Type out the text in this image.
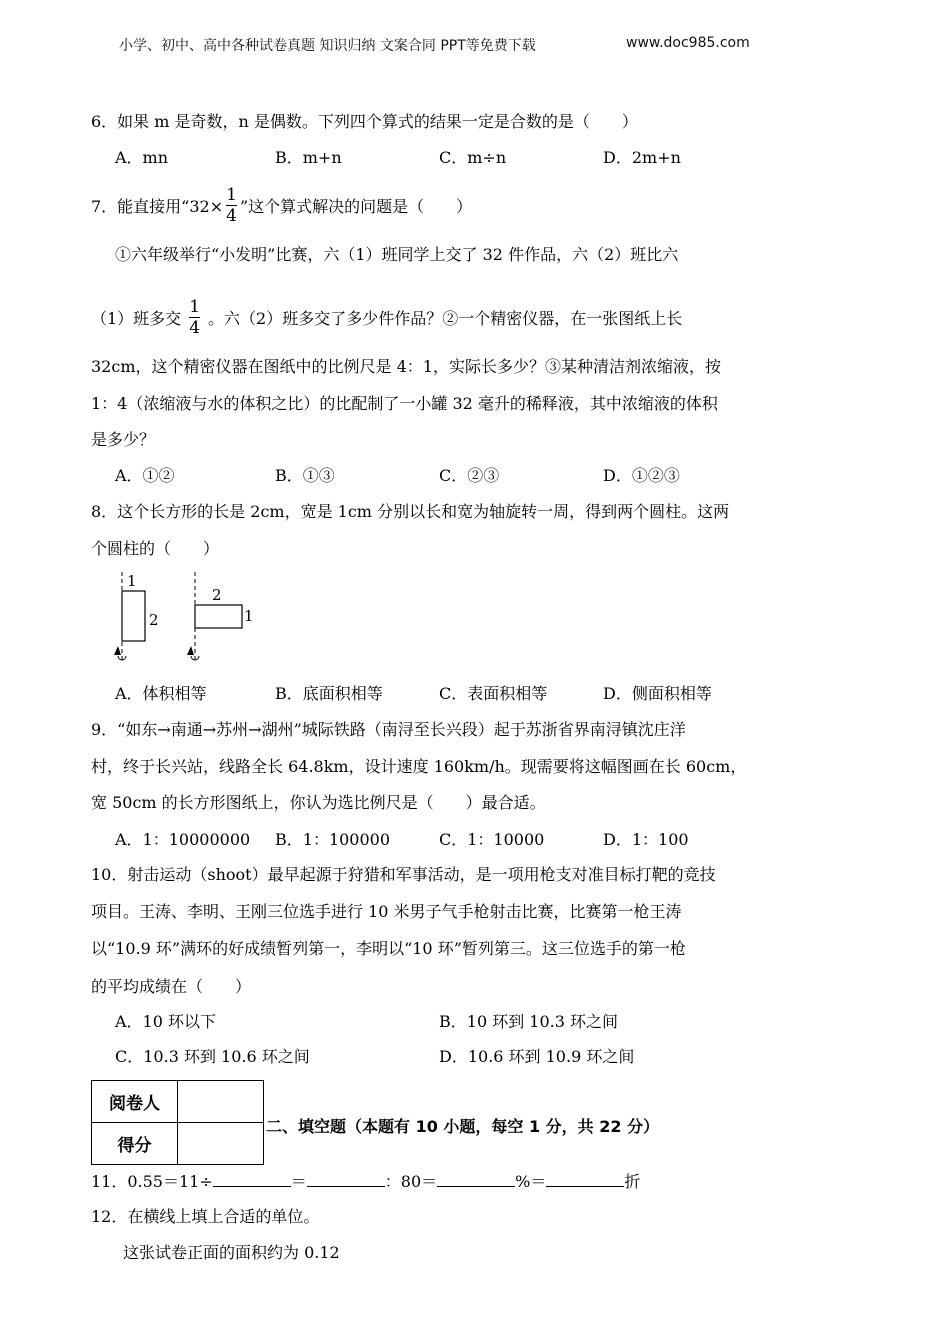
小学、初中、高中各种试卷真题 知识归纳 文案合同 PPT等免费下载	www.doc985.com
6．如果 m 是奇数，n 是偶数。下列四个算式的结果一定是合数的是（　　）
A．mn	B．m+n	C．m÷n	D．2m+n
7．能直接用“$32\times \frac{1}{4}$ ”这个算式解决的问题是（　　）
①六年级举行“小发明”比赛，六（1）班同学上交了 32 件作品，六（2）班比六
（1）班多交 $\frac{1}{4}$ 。六（2）班多交了多少件作品？②一个精密仪器，在一张图纸上长
32cm，这个精密仪器在图纸中的比例尺是 4：1，实际长多少？③某种清洁剂浓缩液，按
1：4（浓缩液与水的体积之比）的比配制了一小罐 32 毫升的稀释液，其中浓缩液的体积
是多少？
A．①②	B．①③	C．②③	D．①②③
8．这个长方形的长是 2cm，宽是 1cm 分别以长和宽为轴旋转一周，得到两个圆柱。这两
个圆柱的（　　）
1
2
2
1
A．体积相等	B．底面积相等	C．表面积相等	D．侧面积相等
9．“如东→南通→苏州→湖州”城际铁路（南浔至长兴段）起于苏浙省界南浔镇沈庄洋
村，终于长兴站，线路全长 64.8km，设计速度 160km/h。现需要将这幅图画在长 60cm，
宽 50cm 的长方形图纸上，你认为选比例尺是（　　）最合适。
A．1：10000000 B．1：100000	C．1：10000	D．1：100
10．射击运动（shoot）最早起源于狩猎和军事活动，是一项用枪支对准目标打靶的竞技
项目。王涛、李明、王刚三位选手进行 10 米男子气手枪射击比赛，比赛第一枪王涛
以“10.9 环”满环的好成绩暂列第一，李明以“10 环”暂列第三。这三位选手的第一枪
的平均成绩在（　　）
A．10 环以下	B．10 环到 10.3 环之间
C．10.3 环到 10.6 环之间	D．10.6 环到 10.9 环之间
阅卷人	
得分	
二、填空题（本题有 10 小题，每空 1 分，共 22 分）
11．0.55＝11÷	＝	：80＝	%＝	折
12．在横线上填上合适的单位。
这张试卷正面的面积约为 0.12
